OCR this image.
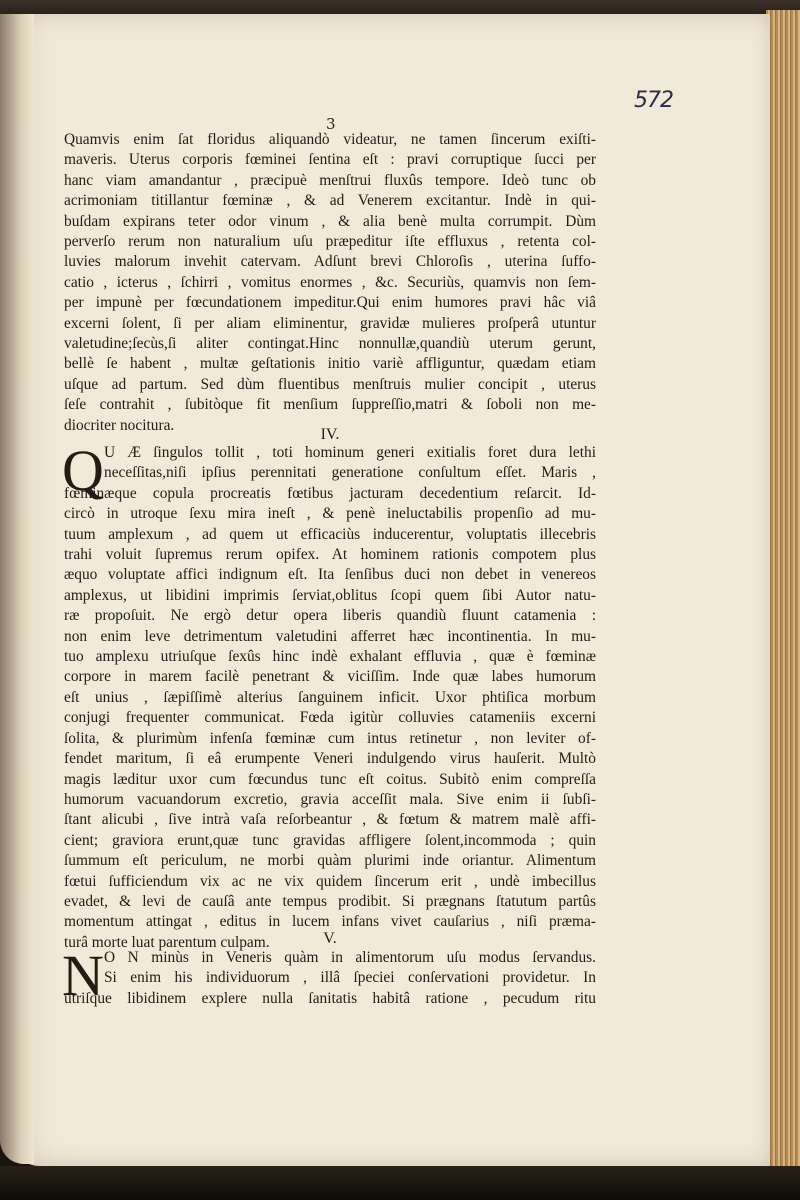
572
3
Quamvis enim ſat floridus aliquandò videatur, ne tamen ſincerum exiſti-
maveris. Uterus corporis fœminei ſentina eſt : pravi corruptique ſucci per
hanc viam amandantur , præcipuè menſtrui fluxûs tempore. Ideò tunc ob
acrimoniam titillantur fœminæ , & ad Venerem excitantur. Indè in qui-
buſdam expirans teter odor vinum , & alia benè multa corrumpit. Dùm
perverſo rerum non naturalium uſu præpeditur iſte effluxus , retenta col-
luvies malorum invehit catervam. Adſunt brevi Chloroſis , uterina ſuffo-
catio , icterus , ſchirri , vomitus enormes , &c. Securiùs, quamvis non ſem-
per impunè per fœcundationem impeditur.Qui enim humores pravi hâc viâ
excerni ſolent, ſi per aliam eliminentur, gravidæ mulieres proſperâ utuntur
valetudine;ſecùs,ſi aliter contingat.Hinc nonnullæ,quandiù uterum gerunt,
bellè ſe habent , multæ geſtationis initio variè affliguntur, quædam etiam
uſque ad partum. Sed dùm fluentibus menſtruis mulier concipit , uterus
ſeſe contrahit , ſubitòque fit menſium ſuppreſſio,matri & ſoboli non me-
diocriter nocitura.
IV.
Q U Æ ſingulos tollit , toti hominum generi exitialis foret dura lethi
neceſſitas,niſi ipſius perennitati generatione conſultum eſſet. Maris ,
fœminæque copula procreatis fœtibus jacturam decedentium reſarcit. Id-
circò in utroque ſexu mira ineſt , & penè ineluctabilis propenſio ad mu-
tuum amplexum , ad quem ut efficaciùs inducerentur, voluptatis illecebris
trahi voluit ſupremus rerum opifex. At hominem rationis compotem plus
æquo voluptate affici indignum eſt. Ita ſenſibus duci non debet in venereos
amplexus, ut libidini imprimis ſerviat,oblitus ſcopi quem ſibi Autor natu-
ræ propoſuit. Ne ergò detur opera liberis quandiù fluunt catamenia :
non enim leve detrimentum valetudini afferret hæc incontinentia. In mu-
tuo amplexu utriuſque ſexûs hinc indè exhalant effluvia , quæ è fœminæ
corpore in marem facilè penetrant & viciſſim. Inde quæ labes humorum
eſt unius , ſæpiſſimè alterius ſanguinem inficit. Uxor phtiſica morbum
conjugi frequenter communicat. Fœda igitùr colluvies catameniis excerni
ſolita, & plurimùm infenſa fœminæ cum intus retinetur , non leviter of-
fendet maritum, ſi eâ erumpente Veneri indulgendo virus hauſerit. Multò
magis læditur uxor cum fœcundus tunc eſt coitus. Subitò enim compreſſa
humorum vacuandorum excretio, gravia acceſſit mala. Sive enim ii ſubſi-
ſtant alicubi , ſive intrà vaſa reſorbeantur , & fœtum & matrem malè affi-
cient; graviora erunt,quæ tunc gravidas affligere ſolent,incommoda ; quin
ſummum eſt periculum, ne morbi quàm plurimi inde oriantur. Alimentum
fœtui ſufficiendum vix ac ne vix quidem ſincerum erit , undè imbecillus
evadet, & levi de cauſâ ante tempus prodibit. Si prægnans ſtatutum partûs
momentum attingat , editus in lucem infans vivet cauſarius , niſi præma-
turâ morte luat parentum culpam.	V.
N O N minùs in Veneris quàm in alimentorum uſu modus ſervandus.
Si enim his individuorum , illâ ſpeciei conſervationi providetur. In
utriſque libidinem explere nulla ſanitatis habitâ ratione , pecudum ritu
